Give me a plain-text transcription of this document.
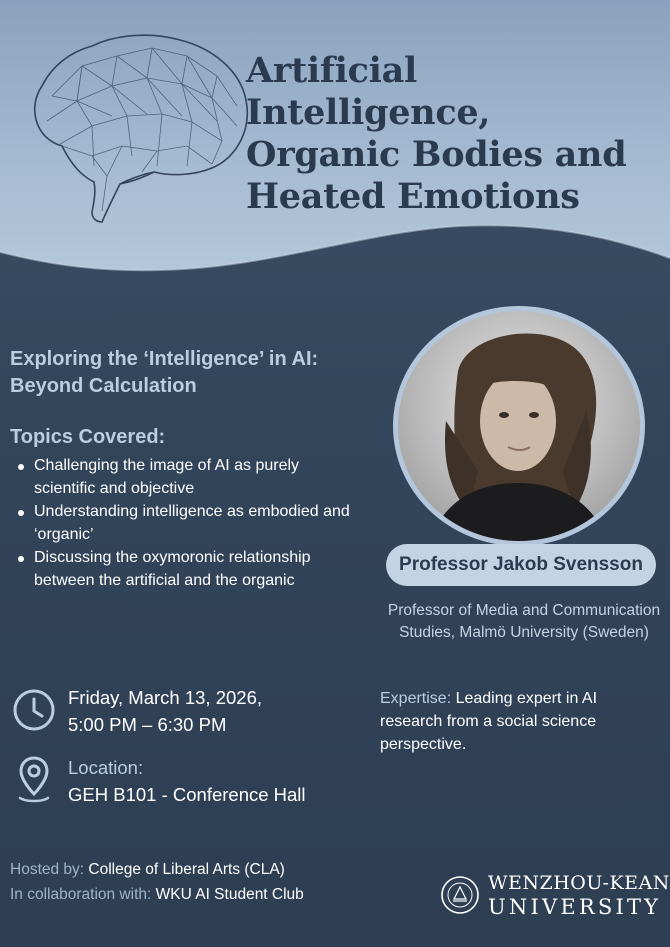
Artificial Intelligence,
Organic Bodies and
Heated Emotions
Exploring the ‘Intelligence’ in AI:
Beyond Calculation
Topics Covered:
Challenging the image of AI as purely scientific and objective
Understanding intelligence as embodied and ‘organic’
Discussing the oxymoronic relationship between the artificial and the organic
Professor Jakob Svensson
Professor of Media and Communication
Studies, Malmö University (Sweden)
Friday, March 13, 2026,
5:00 PM – 6:30 PM
Location:
GEH B101 - Conference Hall
Expertise: Leading expert in AI research from a social science perspective.
Hosted by: College of Liberal Arts (CLA)
In collaboration with: WKU AI Student Club
WENZHOU-KEAN
UNIVERSITY
